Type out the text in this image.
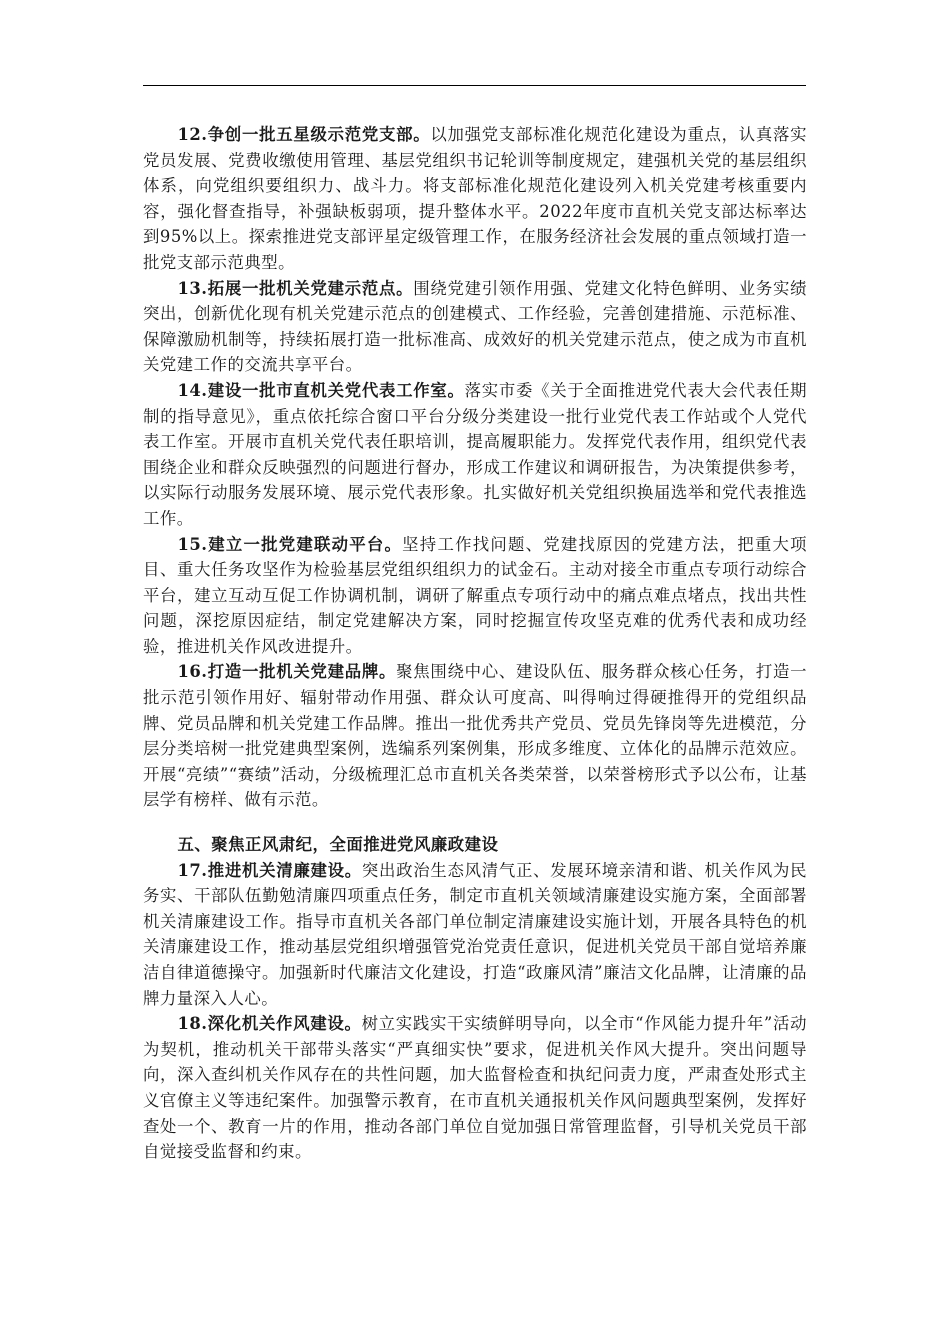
12.争创一批五星级示范党支部。以加强党支部标准化规范化建设为重点，认真落实党员发展、党费收缴使用管理、基层党组织书记轮训等制度规定，建强机关党的基层组织体系，向党组织要组织力、战斗力。将支部标准化规范化建设列入机关党建考核重要内容，强化督查指导，补强缺板弱项，提升整体水平。2022年度市直机关党支部达标率达到95%以上。探索推进党支部评星定级管理工作，在服务经济社会发展的重点领域打造一批党支部示范典型。

13.拓展一批机关党建示范点。围绕党建引领作用强、党建文化特色鲜明、业务实绩突出，创新优化现有机关党建示范点的创建模式、工作经验，完善创建措施、示范标准、保障激励机制等，持续拓展打造一批标准高、成效好的机关党建示范点，使之成为市直机关党建工作的交流共享平台。

14.建设一批市直机关党代表工作室。落实市委《关于全面推进党代表大会代表任期制的指导意见》，重点依托综合窗口平台分级分类建设一批行业党代表工作站或个人党代表工作室。开展市直机关党代表任职培训，提高履职能力。发挥党代表作用，组织党代表围绕企业和群众反映强烈的问题进行督办，形成工作建议和调研报告，为决策提供参考，以实际行动服务发展环境、展示党代表形象。扎实做好机关党组织换届选举和党代表推选工作。

15.建立一批党建联动平台。坚持工作找问题、党建找原因的党建方法，把重大项目、重大任务攻坚作为检验基层党组织组织力的试金石。主动对接全市重点专项行动综合平台，建立互动互促工作协调机制，调研了解重点专项行动中的痛点难点堵点，找出共性问题，深挖原因症结，制定党建解决方案，同时挖掘宣传攻坚克难的优秀代表和成功经验，推进机关作风改进提升。

16.打造一批机关党建品牌。聚焦围绕中心、建设队伍、服务群众核心任务，打造一批示范引领作用好、辐射带动作用强、群众认可度高、叫得响过得硬推得开的党组织品牌、党员品牌和机关党建工作品牌。推出一批优秀共产党员、党员先锋岗等先进模范，分层分类培树一批党建典型案例，选编系列案例集，形成多维度、立体化的品牌示范效应。开展“亮绩”“赛绩”活动，分级梳理汇总市直机关各类荣誉，以荣誉榜形式予以公布，让基层学有榜样、做有示范。

五、聚焦正风肃纪，全面推进党风廉政建设

17.推进机关清廉建设。突出政治生态风清气正、发展环境亲清和谐、机关作风为民务实、干部队伍勤勉清廉四项重点任务，制定市直机关领域清廉建设实施方案，全面部署机关清廉建设工作。指导市直机关各部门单位制定清廉建设实施计划，开展各具特色的机关清廉建设工作，推动基层党组织增强管党治党责任意识，促进机关党员干部自觉培养廉洁自律道德操守。加强新时代廉洁文化建设，打造“政廉风清”廉洁文化品牌，让清廉的品牌力量深入人心。

18.深化机关作风建设。树立实践实干实绩鲜明导向，以全市“作风能力提升年”活动为契机，推动机关干部带头落实“严真细实快”要求，促进机关作风大提升。突出问题导向，深入查纠机关作风存在的共性问题，加大监督检查和执纪问责力度，严肃查处形式主义官僚主义等违纪案件。加强警示教育，在市直机关通报机关作风问题典型案例，发挥好查处一个、教育一片的作用，推动各部门单位自觉加强日常管理监督，引导机关党员干部自觉接受监督和约束。
